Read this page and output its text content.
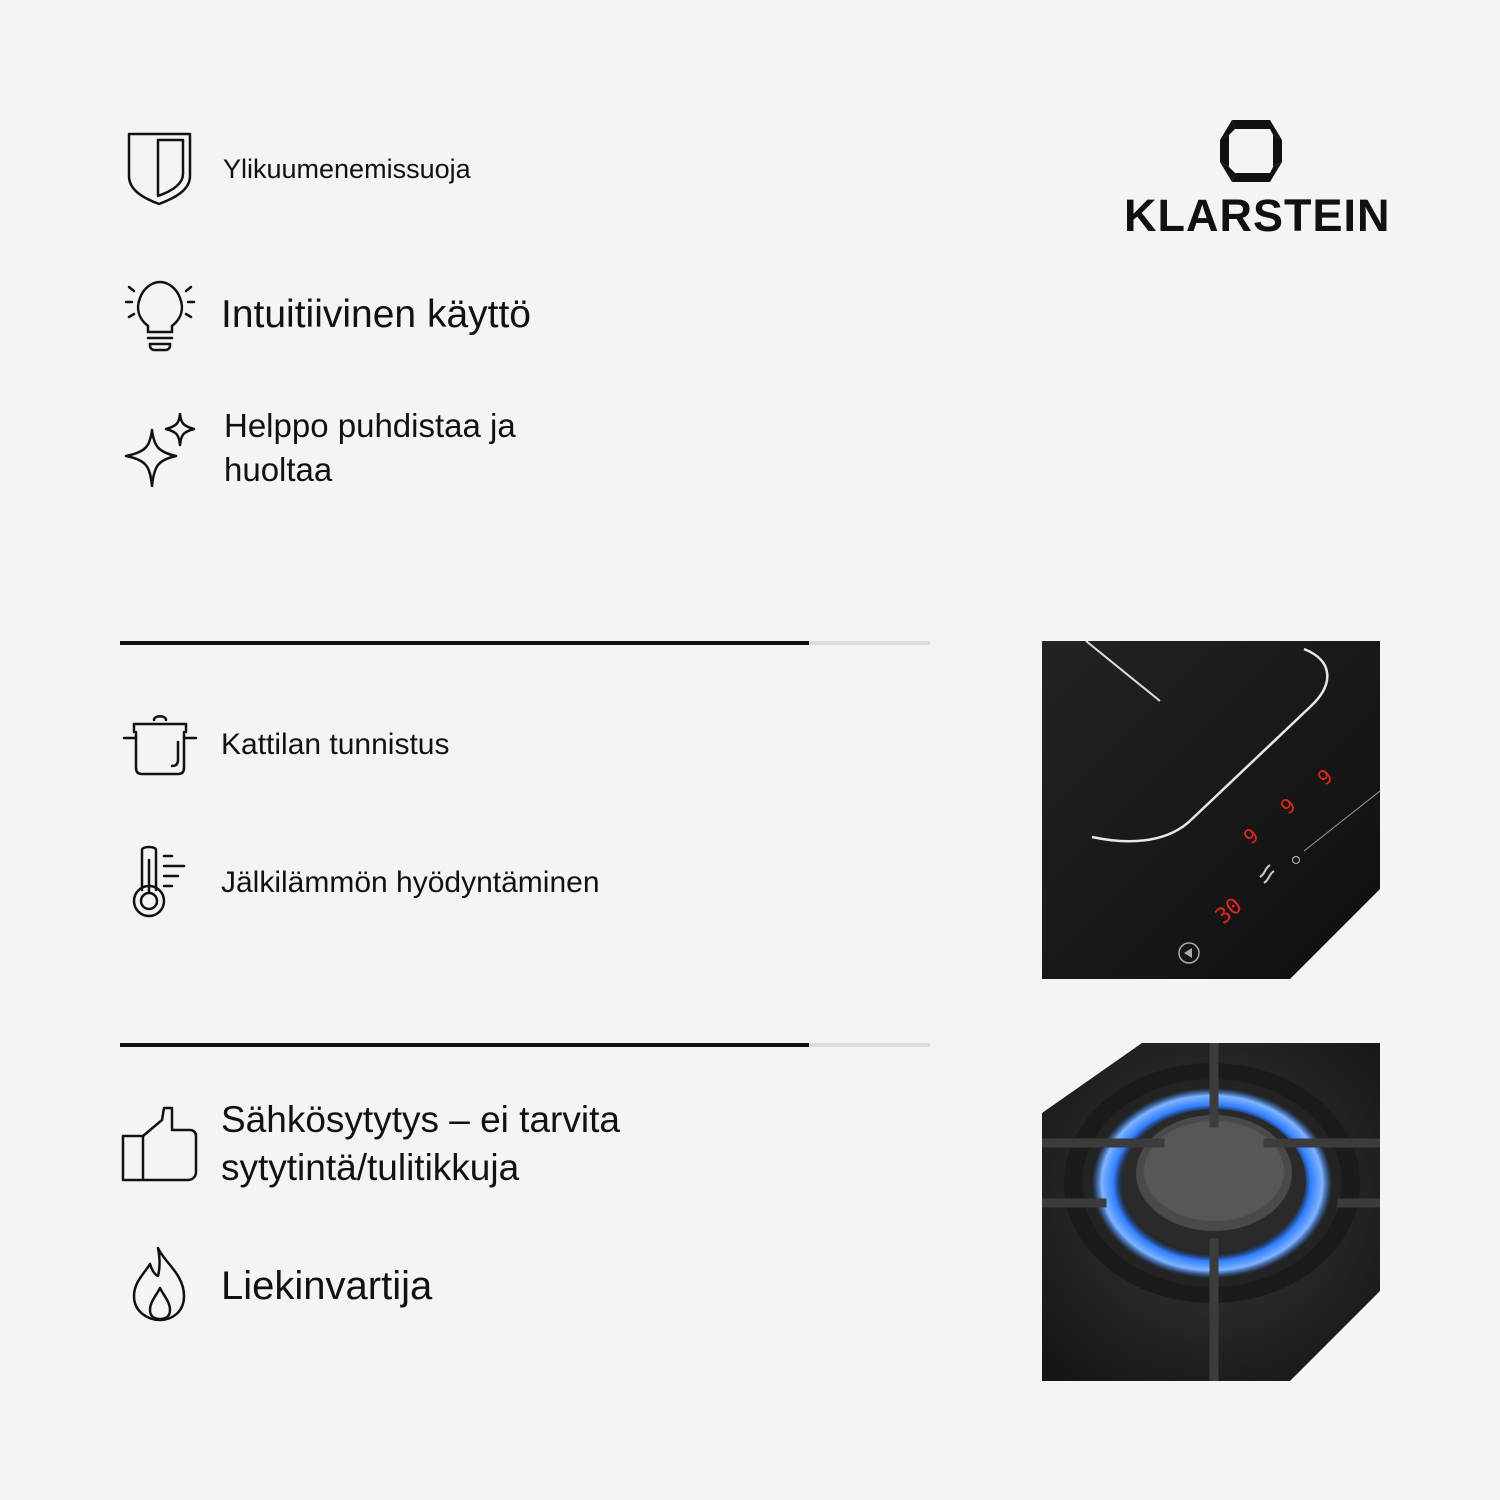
Ylikuumenemissuoja
Intuitiivinen käyttö
Helppo puhdistaa ja
huoltaa
KLARSTEIN
Kattilan tunnistus
Jälkilämmön hyödyntäminen
Sähkösytytys – ei tarvita
sytytintä/tulitikkuja
Liekinvartija
9
9
9
30
